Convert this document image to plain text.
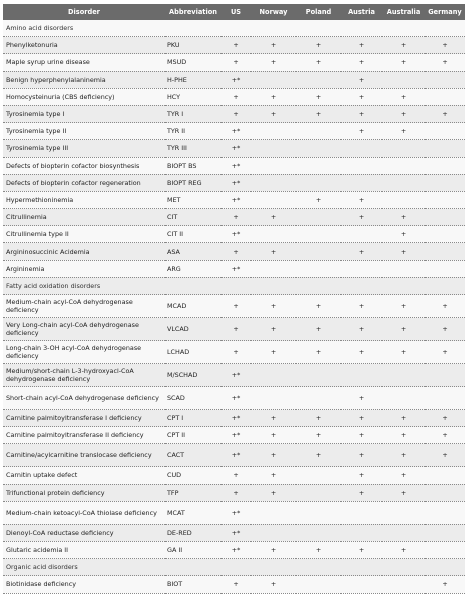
Disorder	Abbreviation	US	Norway	Poland	Austria	Australia	Germany
Amino acid disorders							
Phenylketonuria	PKU	+	+	+	+	+	+
Maple syrup urine disease	MSUD	+	+	+	+	+	+
Benign hyperphenylalaninemia	H-PHE	+*			+		
Homocysteinuria (CBS deficiency)	HCY	+	+	+	+	+	
Tyrosinemia type I	TYR I	+	+	+	+	+	+
Tyrosinemia type II	TYR II	+*			+	+	
Tyrosinemia type III	TYR III	+*					
Defects of biopterin cofactor biosynthesis	BIOPT BS	+*					
Defects of biopterin cofactor regeneration	BIOPT REG	+*					
Hypermethioninemia	MET	+*		+	+		
Citrullinemia	CIT	+	+		+	+	
Citrullinemia type II	CIT II	+*				+	
Argininosuccinic Acidemia	ASA	+	+		+	+	
Argininemia	ARG	+*					
Fatty acid oxidation disorders							
Medium-chain acyl-CoA dehydrogenase deficiency	MCAD	+	+	+	+	+	+
Very Long-chain acyl-CoA dehydrogenase deficiency	VLCAD	+	+	+	+	+	+
Long-chain 3-OH acyl-CoA dehydrogenase deficiency	LCHAD	+	+	+	+	+	+
Medium/short-chain L-3-hydroxyacl-CoA dehydrogenase deficiency	M/SCHAD	+*					
Short-chain acyl-CoA dehydrogenase deficiency	SCAD	+*			+		
Carnitine palmitoyltransferase I deficiency	CPT I	+*	+	+	+	+	+
Carnitine palmitoyltransferase II deficiency	CPT II	+*	+	+	+	+	+
Carnitine/acylcarnitine translocase deficiency	CACT	+*	+	+	+	+	+
Carnitin uptake defect	CUD	+	+		+	+	
Trifunctional protein deficiency	TFP	+	+		+	+	
Medium-chain ketoacyl-CoA thiolase deficiency	MCAT	+*					
Dienoyl-CoA reductase deficiency	DE-RED	+*					
Glutaric acidemia II	GA II	+*	+	+	+	+	
Organic acid disorders							
Biotinidase deficiency	BIOT	+	+				+
